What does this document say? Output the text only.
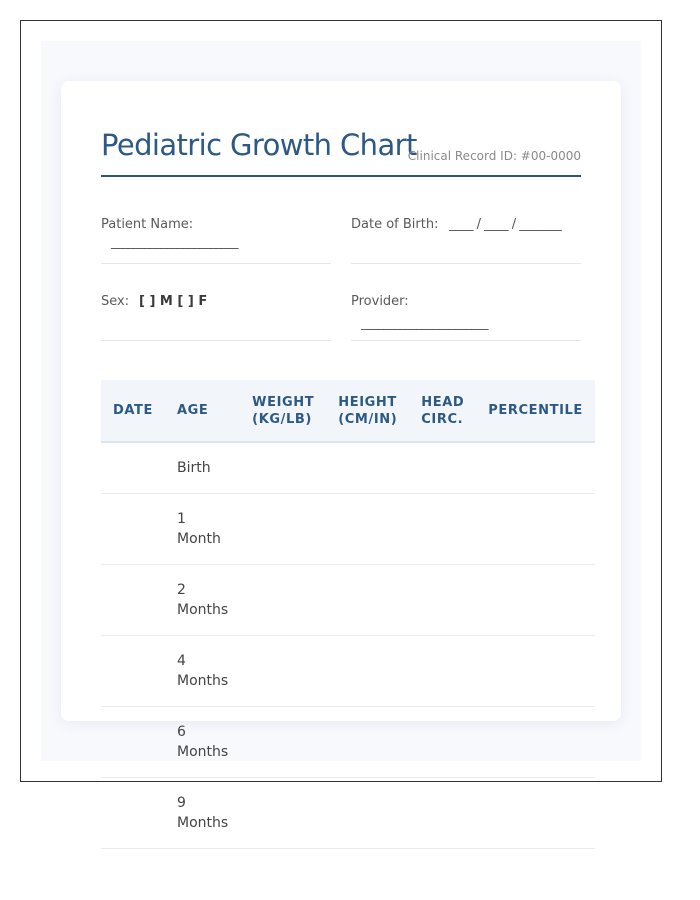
Pediatric Growth Chart
Clinical Record ID: #00-0000
Patient Name:
_______________________
Date of Birth: ____ / ____ / _______
Sex: [ ] M [ ] F	Provider:
_______________________
DATE	AGE	WEIGHT (KG/LB)	HEIGHT (CM/IN)	HEAD CIRC.	PERCENTILE
	Birth				
	1 Month				
	2 Months				
	4 Months				
	6 Months				
	9 Months				
